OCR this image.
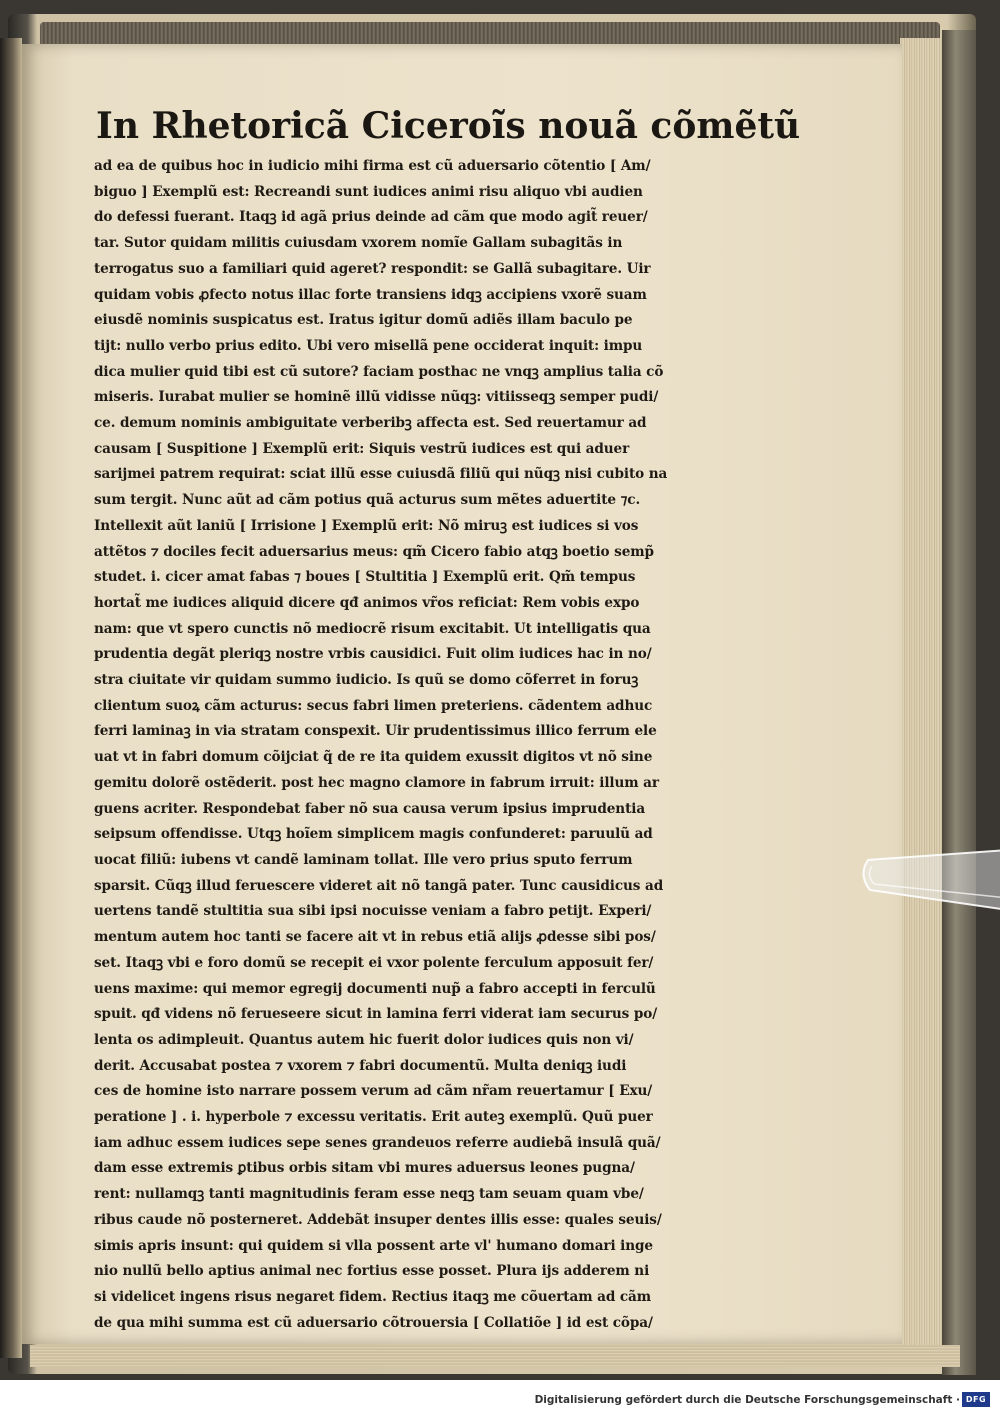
In Rhetoricã Ciceroĩs nouã cõmẽtũ
ad ea de quibus hoc in iudicio mihi firma est cũ aduersario cõtentio [ Am/
biguo ] Exemplũ est: Recreandi sunt iudices animi risu aliquo vbi audien
do defessi fuerant. Itaqꝫ id agã prius deinde ad cãm que modo agit̃ reuer/
tar. Sutor quidam militis cuiusdam vxorem nomĩe Gallam subagitãs in
terrogatus suo a familiari quid ageret? respondit: se Gallã subagitare. Uir
quidam vobis ꝓfecto notus illac forte transiens idqꝫ accipiens vxorẽ suam
eiusdẽ nominis suspicatus est. Iratus igitur domũ adiẽs illam baculo pe
tijt: nullo verbo prius edito. Ubi vero misellã pene occiderat inquit: impu
dica mulier quid tibi est cũ sutore? faciam posthac ne vnqꝫ amplius talia cõ
miseris. Iurabat mulier se hominẽ illũ vidisse nũqꝫ: vitiisseqꝫ semper pudi/
ce. demum nominis ambiguitate verberibꝫ affecta est. Sed reuertamur ad
causam [ Suspitione ] Exemplũ erit: Siquis vestrũ iudices est qui aduer
sarijmei patrem requirat: sciat illũ esse cuiusdã filiũ qui nũqꝫ nisi cubito na
sum tergit. Nunc aũt ad cãm potius quã acturus sum mẽtes aduertite ⁊c.
Intellexit aũt laniũ [ Irrisione ] Exemplũ erit: Nõ miruꝫ est iudices si vos
attẽtos ⁊ dociles fecit aduersarius meus: qm̃ Cicero fabio atqꝫ boetio semp̃
studet. i. cicer amat fabas ⁊ boues [ Stultitia ] Exemplũ erit. Qm̃ tempus
hortat̃ me iudices aliquid dicere qđ animos vr̃os reficiat: Rem vobis expo
nam: que vt spero cunctis nõ mediocrẽ risum excitabit. Ut intelligatis qua
prudentia degãt pleriqꝫ nostre vrbis causidici. Fuit olim iudices hac in no/
stra ciuitate vir quidam summo iudicio. Is quũ se domo cõferret in foruꝫ
clientum suoꝝ cãm acturus: secus fabri limen preteriens. cãdentem adhuc
ferri laminaꝫ in via stratam conspexit. Uir prudentissimus illico ferrum ele
uat vt in fabri domum cõijciat q̃ de re ita quidem exussit digitos vt nõ sine
gemitu dolorẽ ostẽderit. post hec magno clamore in fabrum irruit: illum ar
guens acriter. Respondebat faber nõ sua causa verum ipsius imprudentia
seipsum offendisse. Utqꝫ hoĩem simplicem magis confunderet: paruulũ ad
uocat filiũ: iubens vt candẽ laminam tollat. Ille vero prius sputo ferrum
sparsit. Cũqꝫ illud feruescere videret ait nõ tangã pater. Tunc causidicus ad
uertens tandẽ stultitia sua sibi ipsi nocuisse veniam a fabro petijt. Experi/
mentum autem hoc tanti se facere ait vt in rebus etiã alijs ꝓdesse sibi pos/
set. Itaqꝫ vbi e foro domũ se recepit ei vxor polente ferculum apposuit fer/
uens maxime: qui memor egregij documenti nup̃ a fabro accepti in ferculũ
spuit. qđ videns nõ ferueseere sicut in lamina ferri viderat iam securus po/
lenta os adimpleuit. Quantus autem hic fuerit dolor iudices quis non vi/
derit. Accusabat postea ⁊ vxorem ⁊ fabri documentũ. Multa deniqꝫ iudi
ces de homine isto narrare possem verum ad cãm nr̃am reuertamur [ Exu/
peratione ] . i. hyperbole ⁊ excessu veritatis. Erit auteꝫ exemplũ. Quũ puer
iam adhuc essem iudices sepe senes grandeuos referre audiebã insulã quã/
dam esse extremis ꝑtibus orbis sitam vbi mures aduersus leones pugna/
rent: nullamqꝫ tanti magnitudinis feram esse neqꝫ tam seuam quam vbe/
ribus caude nõ posterneret. Addebãt insuper dentes illis esse: quales seuis/
simis apris insunt: qui quidem si vlla possent arte vl' humano domari inge
nio nullũ bello aptius animal nec fortius esse posset. Plura ijs adderem ni
si videlicet ingens risus negaret fidem. Rectius itaqꝫ me cõuertam ad cãm
de qua mihi summa est cũ aduersario cõtrouersia [ Collatiõe ] id est cõpa/
Digitalisierung gefördert durch die Deutsche Forschungsgemeinschaft · DFG
